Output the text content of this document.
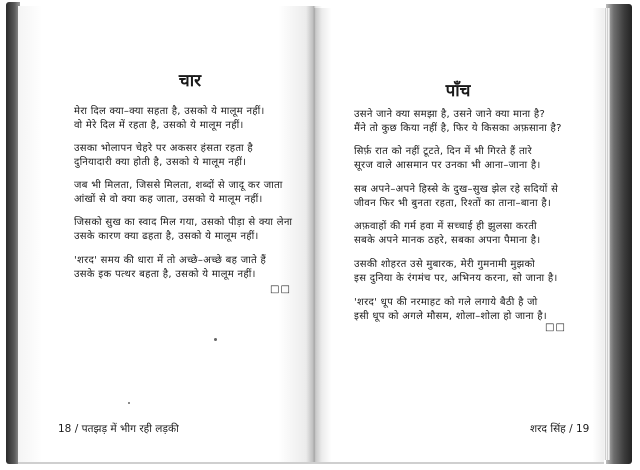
चार
मेरा दिल क्या–क्या सहता है, उसको ये मालूम नहीं।
वो मेरे दिल में रहता है, उसको ये मालूम नहीं।
उसका भोलापन चेहरे पर अकसर हंसता रहता है
दुनियादारी क्या होती है, उसको ये मालूम नहीं।
जब भी मिलता, जिससे मिलता, शब्दों से जादू कर जाता
आंखों से वो क्या कह जाता, उसको ये मालूम नहीं।
जिसको सुख का स्वाद मिल गया, उसको पीड़ा से क्या लेना
उसके कारण क्या ढहता है, उसको ये मालूम नहीं।
'शरद' समय की धारा में तो अच्छे–अच्छे बह जाते हैं
उसके इक पत्थर बहता है, उसको ये मालूम नहीं।
□□
18 / पतझड़ में भीग रही लड़की
पाँच
उसने जाने क्या समझा है, उसने जाने क्या माना है?
मैंने तो कुछ किया नहीं है, फिर ये किसका अफ़साना है?
सिर्फ़ रात को नहीं टूटते, दिन में भी गिरते हैं तारे
सूरज वाले आसमान पर उनका भी आना–जाना है।
सब अपने–अपने हिस्से के दुख–सुख झेल रहे सदियों से
जीवन फिर भी बुनता रहता, रिश्तों का ताना–बाना है।
अफ़वाहों की गर्म हवा में सच्चाई ही झुलसा करती
सबके अपने मानक ठहरे, सबका अपना पैमाना है।
उसकी शोहरत उसे मुबारक, मेरी गुमनामी मुझको
इस दुनिया के रंगमंच पर, अभिनय करना, सो जाना है।
'शरद' धूप की नरमाहट को गले लगाये बैठी है जो
इसी धूप को अगले मौसम, शोला–शोला हो जाना है।
□□
शरद सिंह / 19
